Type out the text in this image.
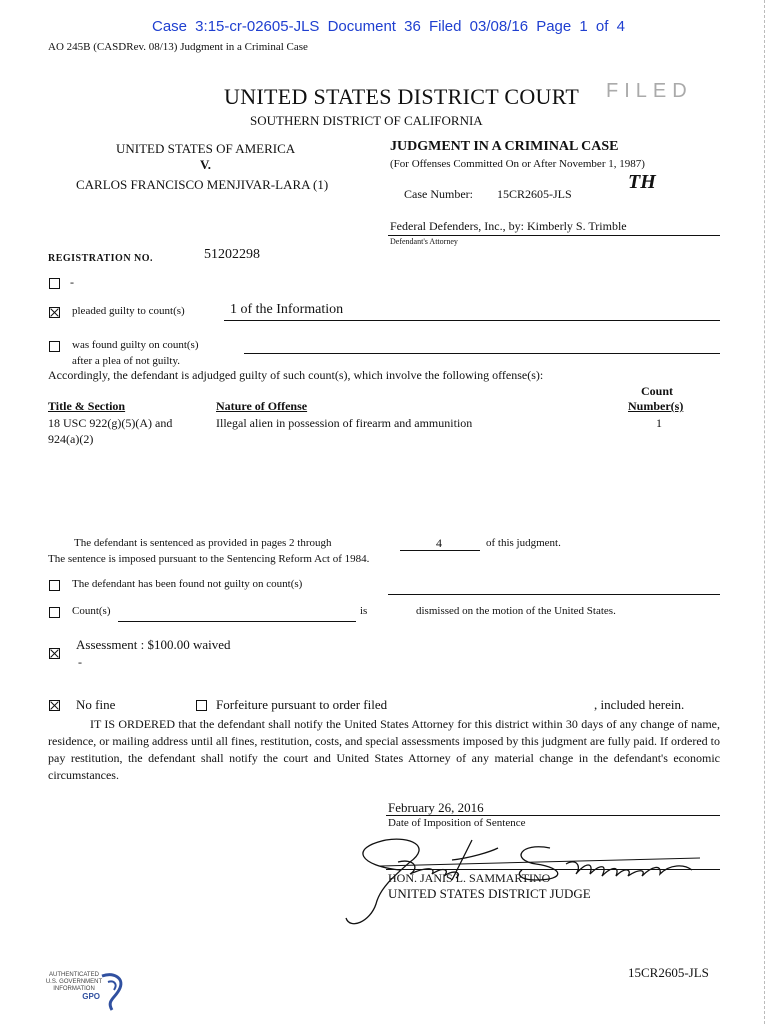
Case 3:15-cr-02605-JLS Document 36 Filed 03/08/16 Page 1 of 4
AO 245B (CASDRev. 08/13) Judgment in a Criminal Case
UNITED STATES DISTRICT COURT
SOUTHERN DISTRICT OF CALIFORNIA
FILED
UNITED STATES OF AMERICA
V.
CARLOS FRANCISCO MENJIVAR-LARA (1)
JUDGMENT IN A CRIMINAL CASE
(For Offenses Committed On or After November 1, 1987)
Case Number: 15CR2605-JLS
TH
Federal Defenders, Inc., by: Kimberly S. Trimble
Defendant's Attorney
REGISTRATION NO.	51202298
-
pleaded guilty to count(s)	1 of the Information
was found guilty on count(s)
after a plea of not guilty.
Accordingly, the defendant is adjudged guilty of such count(s), which involve the following offense(s):
Count
Title & Section	Nature of Offense	Number(s)
18 USC 922(g)(5)(A) and
924(a)(2)
Illegal alien in possession of firearm and ammunition	1
The defendant is sentenced as provided in pages 2 through	4	of this judgment.
The sentence is imposed pursuant to the Sentencing Reform Act of 1984.
The defendant has been found not guilty on count(s)
Count(s)	is	dismissed on the motion of the United States.
Assessment : $100.00 waived
-
No fine	Forfeiture pursuant to order filed	, included herein.
IT IS ORDERED that the defendant shall notify the United States Attorney for this district within 30 days of any change of name, residence, or mailing address until all fines, restitution, costs, and special assessments imposed by this judgment are fully paid. If ordered to pay restitution, the defendant shall notify the court and United States Attorney of any material change in the defendant's economic circumstances.
February 26, 2016
Date of Imposition of Sentence
HON. JANIS L. SAMMARTINO
UNITED STATES DISTRICT JUDGE
AUTHENTICATED
U.S. GOVERNMENT
INFORMATION
GPO
15CR2605-JLS
